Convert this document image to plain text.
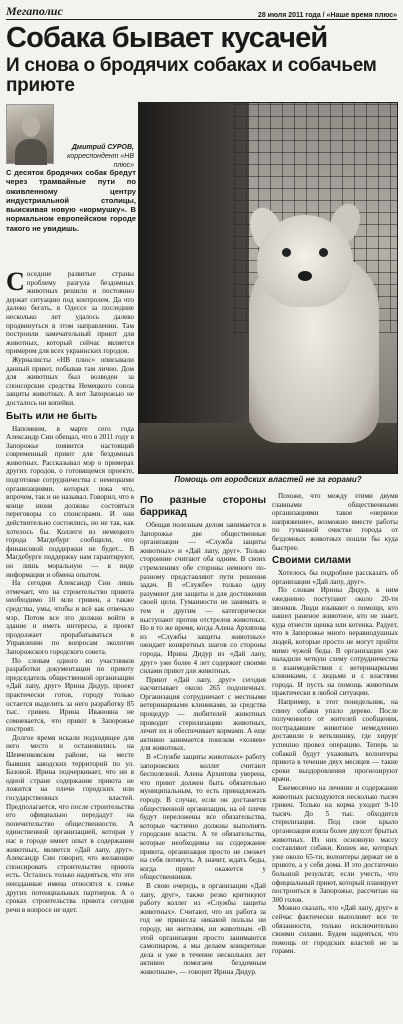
Мегаполис	28 июля 2011 года / «Наше время плюс»
Собака бывает кусачей
И снова о бродячих собаках и собачьем приюте
Дмитрий СУРОВ,
корреспондент «НВ плюс»
Помощь от городских властей не за горами?
С десяток бродячих собак бредут через трамвайные пути по оживленному центру индустриальной столицы, выискивая новую «кормушку». В нормальном европейском городе такого не увидишь.

Соседние развитые страны проблему разгула бездомных животных решили и постоянно держат ситуацию под контролем. Да что далеко бегать, в Одессе за последние несколько лет удалось далеко продвинуться в этом направлении. Там построили замечательный приют для животных, который сейчас является примером для всех украинских городов.

Журналисты «НВ плюс» описывали данный приют, побывав там лично. Дом для животных был возведен за спонсорские средства Немецкого союза защиты животных. А вот Запорожью не досталось ни копейки.

Быть или не быть

Напомним, в марте сего года Александр Син обещал, что в 2011 году в Запорожье появится настоящий современный приют для бездомных животных. Рассказывал мэр о примерах других городов, о готовящемся проекте, подготовке сотрудничества с немецкими организациями, которых пока что, впрочем, так и не называл. Говорил, что в конце июня должны состояться переговоры со спонсорами. И они действительно состоялись, но не так, как хотелось бы. Коллеги из немецкого города Магдебург сообщили, что финансовой поддержки не будет... В Магдебурге поддержку нам гарантируют, но лишь моральную — в виде информации и обмена опытом.

На сегодня Александр Син лишь отмечает, что на строительство приюта необходимо 10 млн гривен, а также средства, умы, чтобы и всё как отвечало мэр. Потом все это должно войти в здание и иметь интересы, а проект продолжает прорабатываться в Управлении по вопросам экологии Запорожского городского совета.

По словам одного из участников разработки документации по приюту председатель общественной организации «Дай лапу, друг» Ирина Дидур, проект практически готов, городу только остается выделить за него разработку 85 тыс. гривен. Ирина Ивановна не сомневается, что приют в Запорожье построят.

Долгое время искали подходящее для него место и остановились на Шевченковском районе, на месте бывших заводских территорий по ул. Базовой. Ирина подчеркивает, что ни в одной стране содержание приюта не ложится на плечи городских или государственных властей. Предполагается, что после строительства его официально передадут на попечительство общественности. А единственной организацией, которая у нас в городе имеет опыт в содержании животных, является «Дай лапу, друг». Александр Син говорит, что желающие спонсировать строительство приюта есть. Осталось только надеяться, что эти неизданные имена относятся к семье других потенциальных партнеров. А о сроках строительства приюта сегодня речи в вопросе не идет.

По разные стороны баррикад

Обещая полезным делом занимается в Запорожье две общественные организации — «Служба защиты животных» и «Дай лапу, друг». Только сторонние считают оба одним. В своих стремлениях обе стороны немного по-разному представляют пути решения задач. В «Службе» только одну разумеют для защиты и для достижения своей цели. Гуманности не занимать и тем и другим — категорически выступают против отстрелов животных. Но в то же время, когда Алена Архипова из «Службы защиты животных» ожидает конкретных шагов со стороны города, Ирина Дидур из «Дай лапу, друг» уже более 4 лет содержит своими силами приют для животных.

Приют «Дай лапу, друг» сегодня насчитывает около 265 подопечных. Организация сотрудничает с местными ветеринарными клиниками, за средства процедур — любителей животных проводит стерилизацию животных, лечит их и обеспечивает кормами. А еще активно занимается поиском «хозяев» для животных.

В «Службе защиты животных» работу запорожских коллег считают бесполезной. Алена Архипова уверена, что приют должен быть обязательно муниципальным, то есть принадлежать городу. В случае, если он достанется общественной организации, на её плечи будут переложены все обязательства, которые частично должны выполнять городские власти. А те обязательства, которые необходимы на содержание приюта, организация просто не сможет на себя потянуть. А значит, ждать беды, когда приют окажется у общественников.

В свою очередь, в организации «Дай лапу, друг», также резко критикуют работу коллег из «Службы защиты животных». Считают, что их работа за год не принесла никакой пользы ни городу, ни жителям, ни животным. «В этой организации просто занимаются самопиаром, а мы делаем конкретные дела и уже в течение нескольких лет активно помогаем бездомным животным», — говорит Ирина Дидур.

Похоже, что между этими двумя главными общественными организациями такое «нервное напряжение», возможно вместе работы по гуманной очистке города от бездомных животных пошли бы куда быстрее.

Своими силами

Хотелось бы подробнее рассказать об организации «Дай лапу, друг».

По словам Ирины Дидур, к ним ежедневно поступают около 20-ти звонков. Люди взывают о помощи, кто нашел раненое животное, кто не знает, куда отнести щенка или котенка. Радует, что в Запорожье много неравнодушных людей, которые просто не могут пройти мимо чужой беды. В организации уже наладили четкую схему сотрудничества и взаимодействия с ветеринарными клиниками, с людьми и с властями города. И пусть на помощь животным практически в любой ситуации.

Например, в этот понедельник, на спину собаки упало дерево. После полученного от жителей сообщения, пострадавшее животное немедленно доставили в ветклинику, где хирург успешно провел операцию. Теперь за собакой будут ухаживать волонтеры приюта в течение двух месяцев — такие сроки выздоровления прогнозируют врачи.

Ежемесячно на лечение и содержание животных расходуются несколько тысяч гривен. Только на корма уходит 9-10 тысяч. До 5 тыс. обходится стерилизация. Под свое крыло организация взяла более двухсот брытых животных. Из них основную массу составляют собаки. Кошек же, которых уже около 65-ти, волонтеры держат не в приюте, а у себя дома. И это достаточно большой результат, если учесть, что официальный приют, который планирует построиться в Запорожье, рассчитан на 300 голов.

Можно сказать, что «Дай лапу, друг» в сейчас фактически выполняет все те обязанности, только исключительно своими силами. Будем надеяться, что помощь от городских властей не за горами.
